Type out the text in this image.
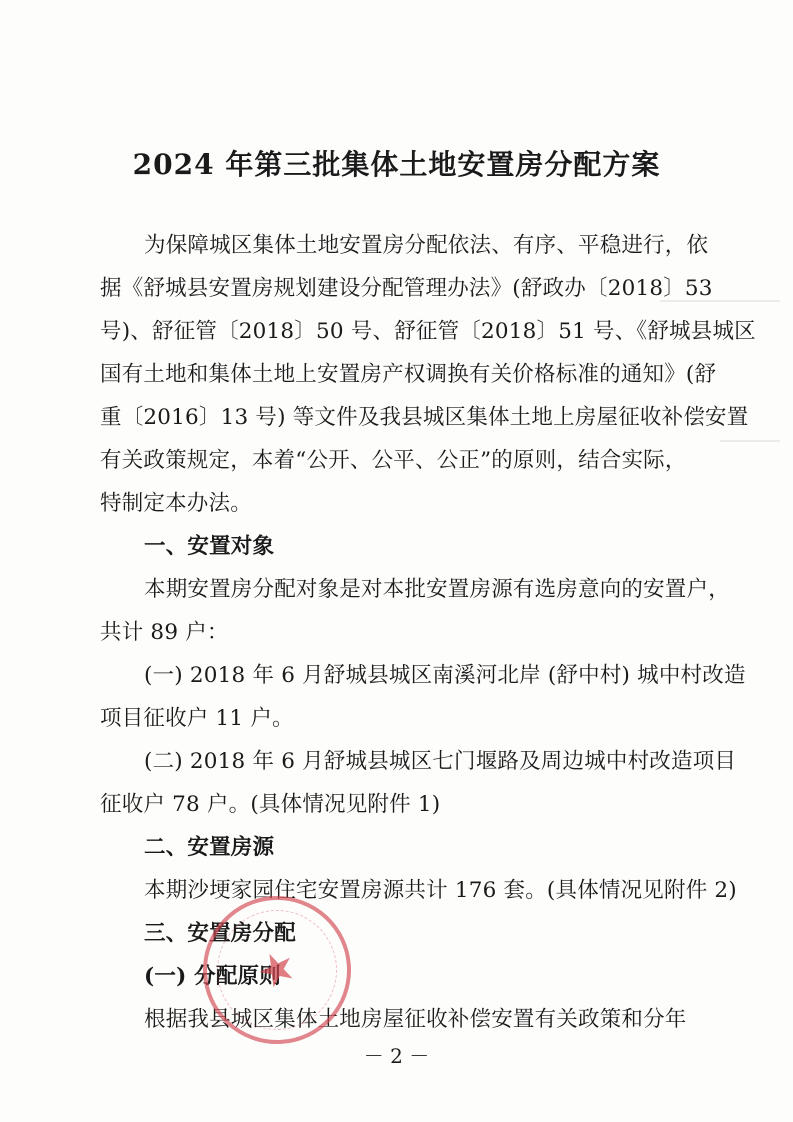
2024 年第三批集体土地安置房分配方案
为保障城区集体土地安置房分配依法、有序、平稳进行，依
据《舒城县安置房规划建设分配管理办法》(舒政办〔2018〕53
号)、舒征管〔2018〕50 号、舒征管〔2018〕51 号、《舒城县城区
国有土地和集体土地上安置房产权调换有关价格标准的通知》(舒
重〔2016〕13 号) 等文件及我县城区集体土地上房屋征收补偿安置
有关政策规定，本着“公开、公平、公正”的原则，结合实际，
特制定本办法。
一、安置对象
本期安置房分配对象是对本批安置房源有选房意向的安置户，
共计 89 户：
(一) 2018 年 6 月舒城县城区南溪河北岸 (舒中村) 城中村改造
项目征收户 11 户。
(二) 2018 年 6 月舒城县城区七门堰路及周边城中村改造项目
征收户 78 户。(具体情况见附件 1)
二、安置房源
本期沙埂家园住宅安置房源共计 176 套。(具体情况见附件 2)
三、安置房分配
(一) 分配原则
根据我县城区集体土地房屋征收补偿安置有关政策和分年
★
－ 2 －
